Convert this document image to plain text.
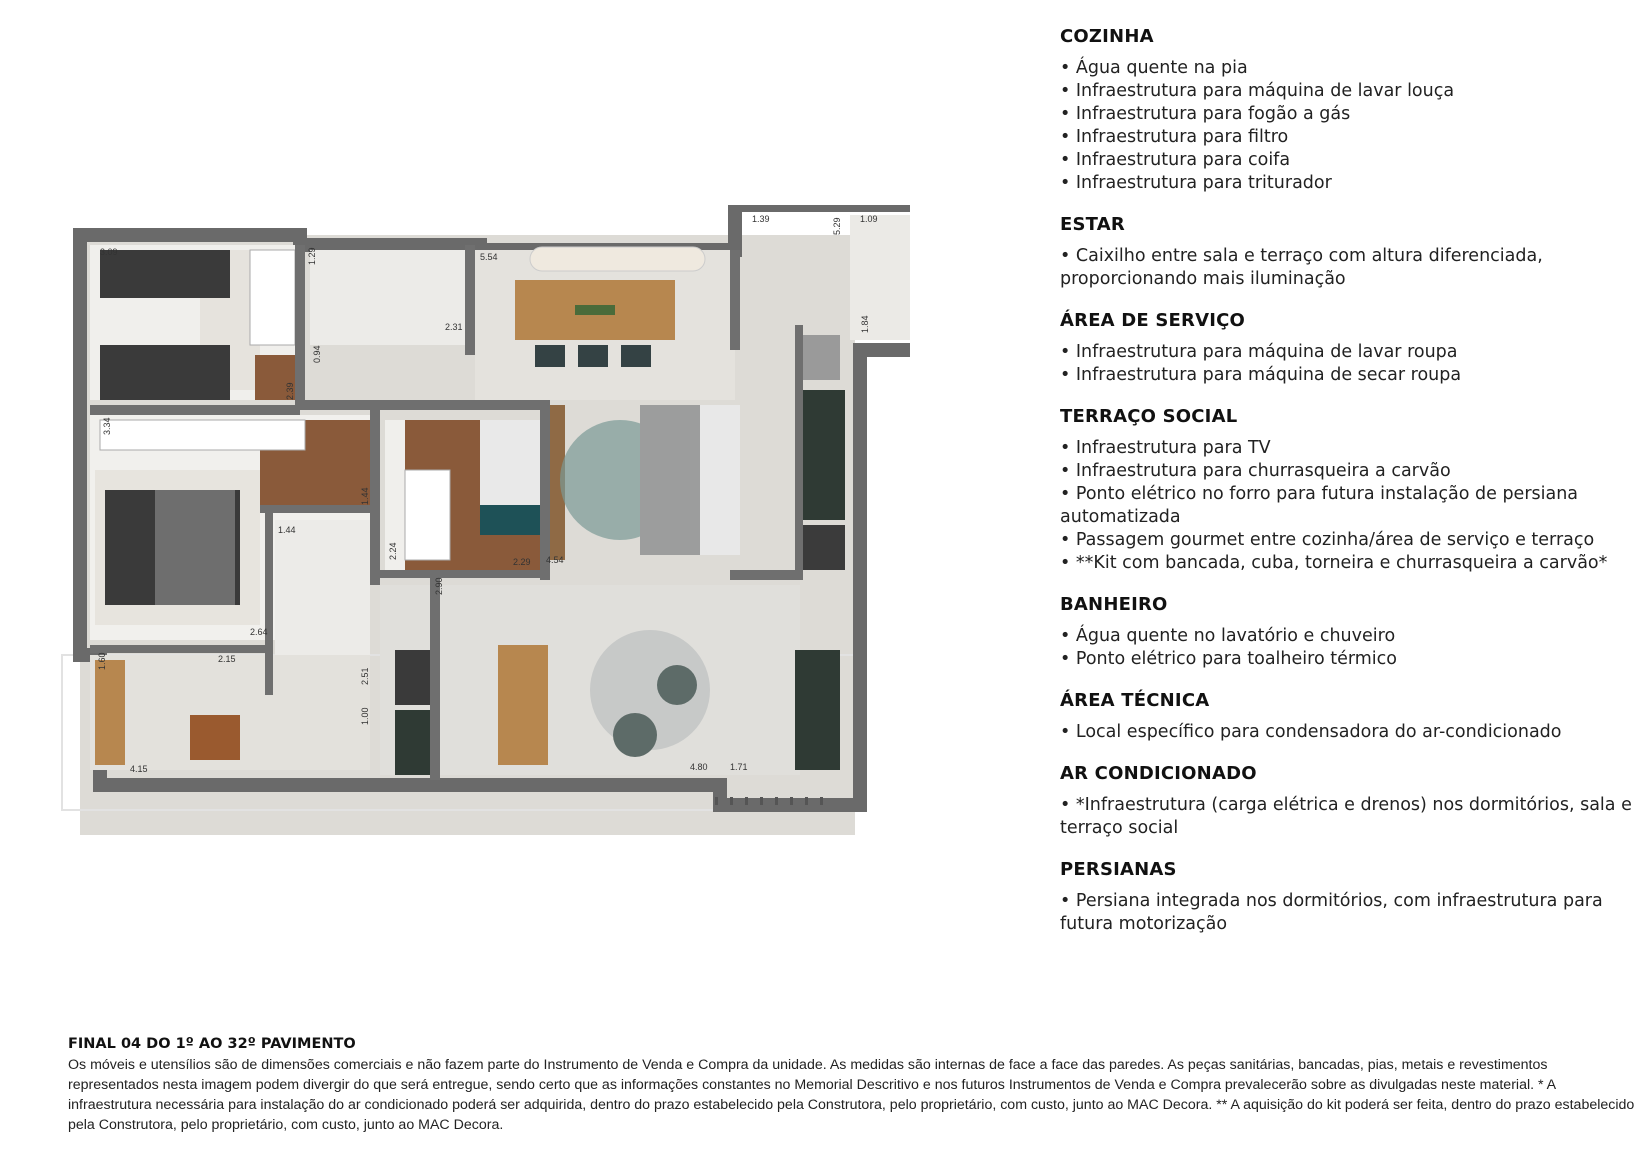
3.09	1.29
2.31
5.54
1.39	5.29 1.09
1.84
0.94
2.39
3.34
1.44
1.44
2.24
2.29 4.54
2.90
2.64
2.15
1.60
2.51
1.00
4.15	4.80 1.71
COZINHA
• Água quente na pia
• Infraestrutura para máquina de lavar louça
• Infraestrutura para fogão a gás
• Infraestrutura para filtro
• Infraestrutura para coifa
• Infraestrutura para triturador
ESTAR
• Caixilho entre sala e terraço com altura diferenciada, proporcionando mais iluminação
ÁREA DE SERVIÇO
• Infraestrutura para máquina de lavar roupa
• Infraestrutura para máquina de secar roupa
TERRAÇO SOCIAL
• Infraestrutura para TV
• Infraestrutura para churrasqueira a carvão
• Ponto elétrico no forro para futura instalação de persiana automatizada
• Passagem gourmet entre cozinha/área de serviço e terraço
• **Kit com bancada, cuba, torneira e churrasqueira a carvão*
BANHEIRO
• Água quente no lavatório e chuveiro
• Ponto elétrico para toalheiro térmico
ÁREA TÉCNICA
• Local específico para condensadora do ar-condicionado
AR CONDICIONADO
• *Infraestrutura (carga elétrica e drenos) nos dormitórios, sala e terraço social
PERSIANAS
• Persiana integrada nos dormitórios, com infraestrutura para futura motorização

FINAL 04 DO 1º AO 32º PAVIMENTO

Os móveis e utensílios são de dimensões comerciais e não fazem parte do Instrumento de Venda e Compra da unidade. As medidas são internas de face a face das paredes. As peças sanitárias, bancadas, pias, metais e revestimentos representados nesta imagem podem divergir do que será entregue, sendo certo que as informações constantes no Memorial Descritivo e nos futuros Instrumentos de Venda e Compra prevalecerão sobre as divulgadas neste material. * A infraestrutura necessária para instalação do ar condicionado poderá ser adquirida, dentro do prazo estabelecido pela Construtora, pelo proprietário, com custo, junto ao MAC Decora. ** A aquisição do kit poderá ser feita, dentro do prazo estabelecido pela Construtora, pelo proprietário, com custo, junto ao MAC Decora.
